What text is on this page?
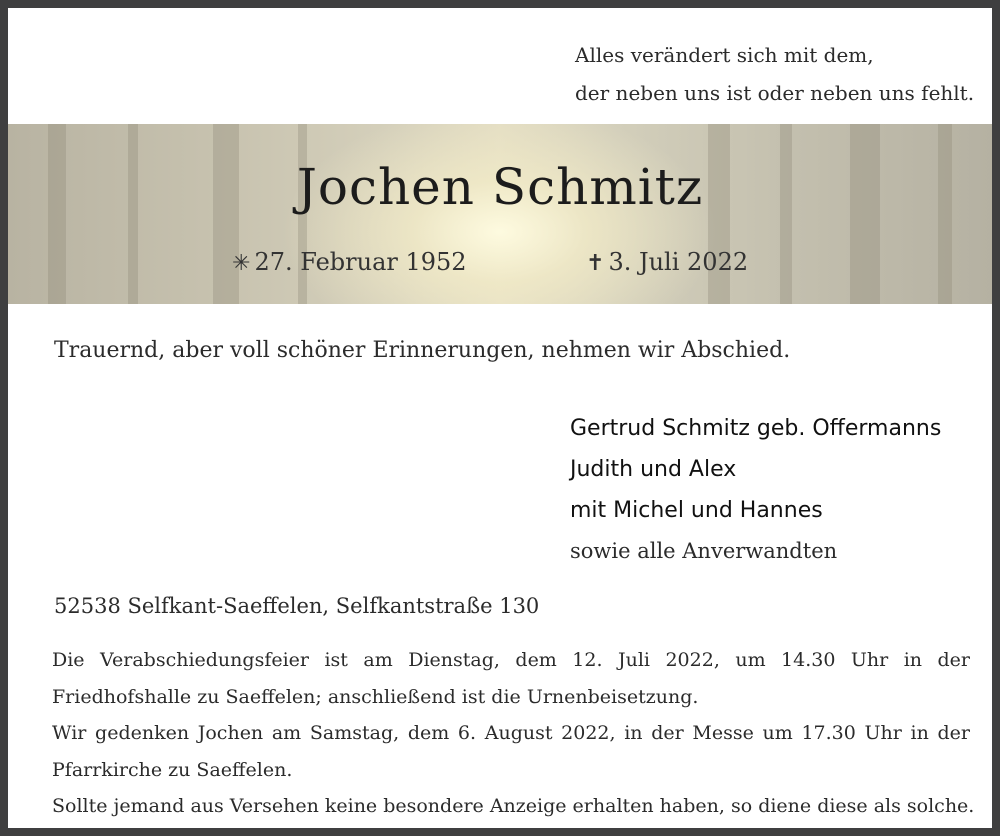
Alles verändert sich mit dem,
der neben uns ist oder neben uns fehlt.
Jochen Schmitz
✳ 27. Februar 1952	✝ 3. Juli 2022
Trauernd, aber voll schöner Erinnerungen, nehmen wir Abschied.
Gertrud Schmitz geb. Offermanns
Judith und Alex
mit Michel und Hannes
sowie alle Anverwandten
52538 Selfkant-Saeffelen, Selfkantstraße 130
Die Verabschiedungsfeier ist am Dienstag, dem 12. Juli 2022, um 14.30 Uhr in der
Friedhofshalle zu Saeffelen; anschließend ist die Urnenbeisetzung.
Wir gedenken Jochen am Samstag, dem 6. August 2022, in der Messe um 17.30 Uhr in der
Pfarrkirche zu Saeffelen.
Sollte jemand aus Versehen keine besondere Anzeige erhalten haben, so diene diese als solche.
